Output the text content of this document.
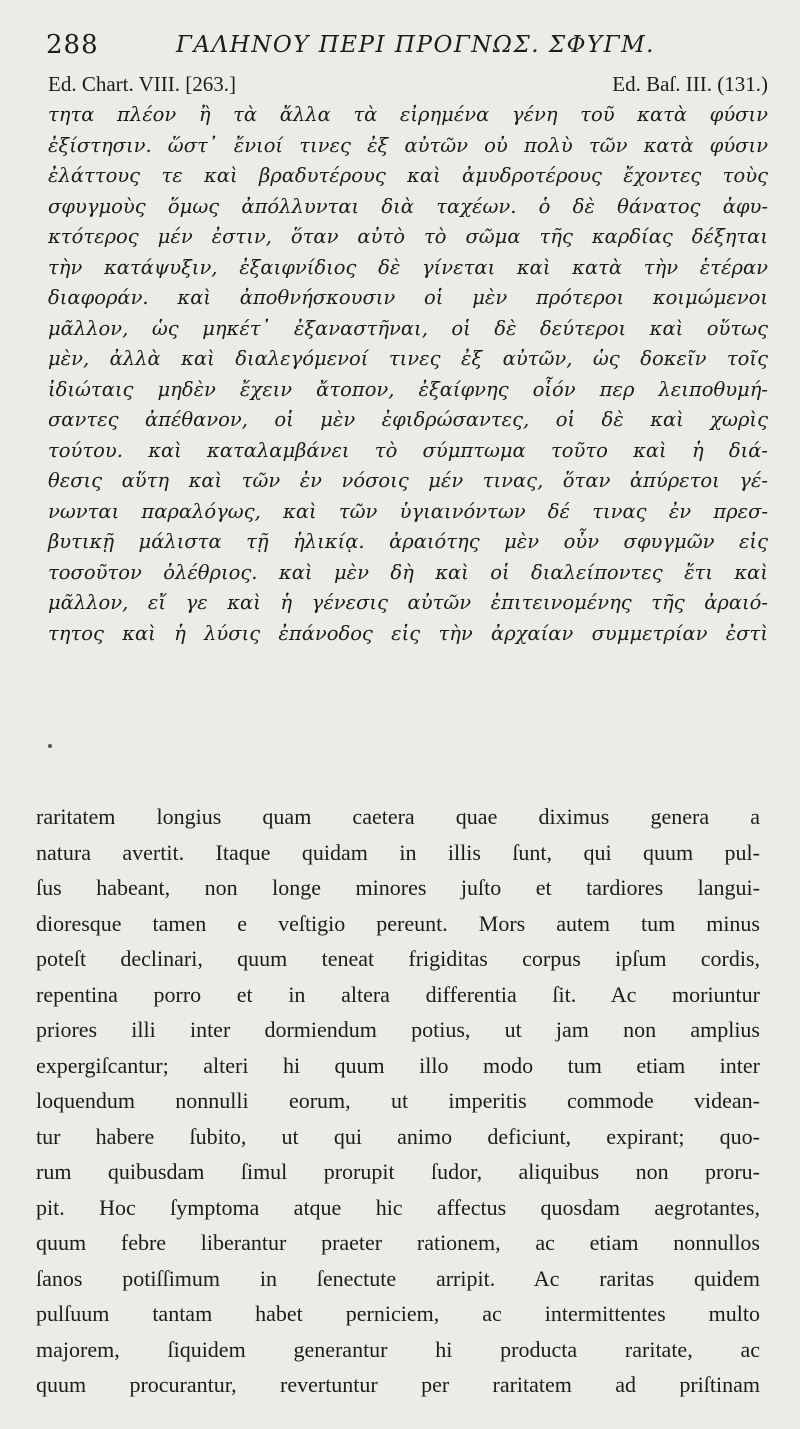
288	ΓΑΛΗΝΟΥ ΠΕΡΙ ΠΡΟΓΝΩΣ. ΣΦΥΓΜ.
Ed. Chart. VIII. [263.]	Ed. Baſ. III. (131.)
τητα πλέον ἢ τὰ ἄλλα τὰ εἰρημένα γένη τοῦ κατὰ φύσιν
ἐξίστησιν. ὥστ᾽ ἔνιοί τινες ἐξ αὐτῶν οὐ πολὺ τῶν κατὰ φύσιν
ἐλάττους τε καὶ βραδυτέρους καὶ ἀμυδροτέρους ἔχοντες τοὺς
σφυγμοὺς ὅμως ἀπόλλυνται διὰ ταχέων. ὁ δὲ θάνατος ἀφυ-
κτότερος μέν ἐστιν, ὅταν αὐτὸ τὸ σῶμα τῆς καρδίας δέξηται
τὴν κατάψυξιν, ἐξαιφνίδιος δὲ γίνεται καὶ κατὰ τὴν ἑτέραν
διαφοράν. καὶ ἀποθνήσκουσιν οἱ μὲν πρότεροι κοιμώμενοι
μᾶλλον, ὡς μηκέτ᾽ ἐξαναστῆναι, οἱ δὲ δεύτεροι καὶ οὕτως
μὲν, ἀλλὰ καὶ διαλεγόμενοί τινες ἐξ αὐτῶν, ὡς δοκεῖν τοῖς
ἰδιώταις μηδὲν ἔχειν ἄτοπον, ἐξαίφνης οἷόν περ λειποθυμή-
σαντες ἀπέθανον, οἱ μὲν ἐφιδρώσαντες, οἱ δὲ καὶ χωρὶς
τούτου. καὶ καταλαμβάνει τὸ σύμπτωμα τοῦτο καὶ ἡ διά-
θεσις αὕτη καὶ τῶν ἐν νόσοις μέν τινας, ὅταν ἀπύρετοι γέ-
νωνται παραλόγως, καὶ τῶν ὑγιαινόντων δέ τινας ἐν πρεσ-
βυτικῇ μάλιστα τῇ ἡλικίᾳ. ἀραιότης μὲν οὖν σφυγμῶν εἰς
τοσοῦτον ὀλέθριος. καὶ μὲν δὴ καὶ οἱ διαλείποντες ἔτι καὶ
μᾶλλον, εἴ γε καὶ ἡ γένεσις αὐτῶν ἐπιτεινομένης τῆς ἀραιό-
τητος καὶ ἡ λύσις ἐπάνοδος εἰς τὴν ἀρχαίαν συμμετρίαν ἐστὶ
raritatem longius quam caetera quae diximus genera a
natura avertit. Itaque quidam in illis ſunt, qui quum pul-
ſus habeant, non longe minores juſto et tardiores langui-
dioresque tamen e veſtigio pereunt. Mors autem tum minus
poteſt declinari, quum teneat frigiditas corpus ipſum cordis,
repentina porro et in altera differentia ſit. Ac moriuntur
priores illi inter dormiendum potius, ut jam non amplius
expergiſcantur; alteri hi quum illo modo tum etiam inter
loquendum nonnulli eorum, ut imperitis commode videan-
tur habere ſubito, ut qui animo deficiunt, expirant; quo-
rum quibusdam ſimul prorupit ſudor, aliquibus non proru-
pit. Hoc ſymptoma atque hic affectus quosdam aegrotantes,
quum febre liberantur praeter rationem, ac etiam nonnullos
ſanos potiſſimum in ſenectute arripit. Ac raritas quidem
pulſuum tantam habet perniciem, ac intermittentes multo
majorem, ſiquidem generantur hi producta raritate, ac
quum procurantur, revertuntur per raritatem ad priſtinam
